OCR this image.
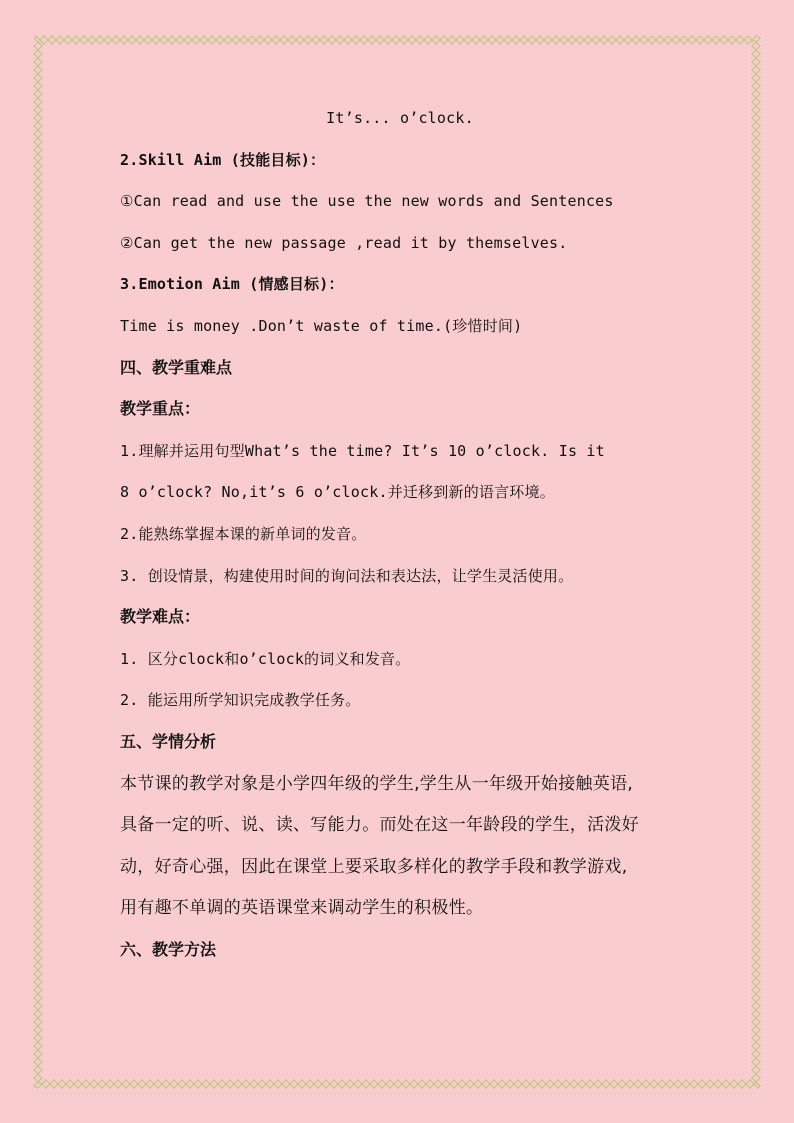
It’s... o’clock.
2.Skill Aim (技能目标)：
①Can read and use the use the new words and Sentences
②Can get the new passage ,read it by themselves.
3.Emotion Aim (情感目标)：
Time is money .Don’t waste of time.(珍惜时间)
四、教学重难点
教学重点：
1.理解并运用句型What’s the time? It’s 10 o’clock. Is it
8 o’clock? No,it’s 6 o’clock.并迁移到新的语言环境。
2.能熟练掌握本课的新单词的发音。
3. 创设情景，构建使用时间的询问法和表达法，让学生灵活使用。
教学难点：
1. 区分clock和o’clock的词义和发音。
2. 能运用所学知识完成教学任务。
五、学情分析
本节课的教学对象是小学四年级的学生,学生从一年级开始接触英语,
具备一定的听、说、读、写能力。而处在这一年龄段的学生，活泼好
动，好奇心强，因此在课堂上要采取多样化的教学手段和教学游戏,
用有趣不单调的英语课堂来调动学生的积极性。
六、教学方法
